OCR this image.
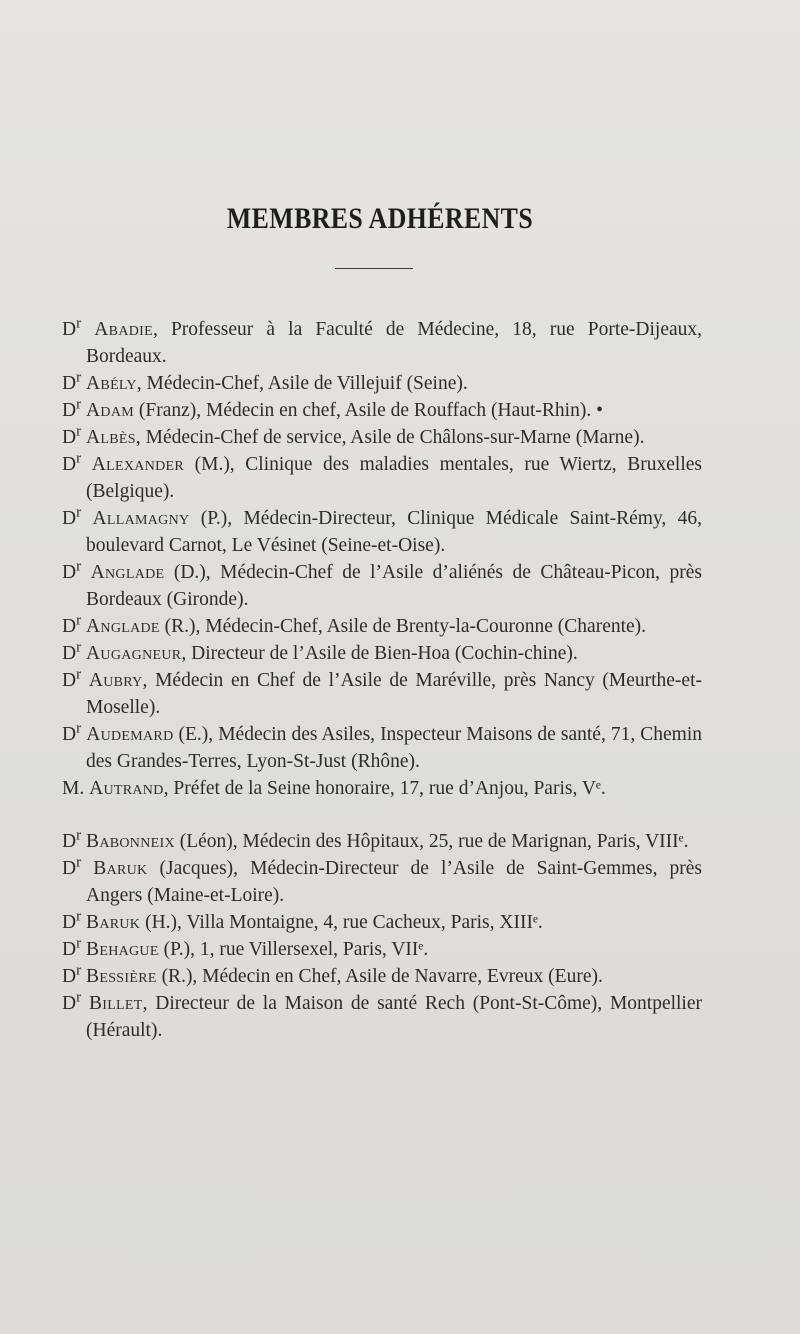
MEMBRES ADHÉRENTS

$D^r$ Abadie, Professeur à la Faculté de Médecine, 18, rue Porte-Dijeaux, Bordeaux.

$D^r$ Abély, Médecin-Chef, Asile de Villejuif (Seine).

$D^r$ Adam (Franz), Médecin en chef, Asile de Rouffach (Haut-Rhin). •

$D^r$ Albès, Médecin-Chef de service, Asile de Châlons-sur-Marne (Marne).

$D^r$ Alexander (M.), Clinique des maladies mentales, rue Wiertz, Bruxelles (Belgique).

$D^r$ Allamagny (P.), Médecin-Directeur, Clinique Médicale Saint-Rémy, 46, boulevard Carnot, Le Vésinet (Seine-et-Oise).

$D^r$ Anglade (D.), Médecin-Chef de l’Asile d’aliénés de Château-Picon, près Bordeaux (Gironde).

$D^r$ Anglade (R.), Médecin-Chef, Asile de Brenty-la-Couronne (Charente).

$D^r$ Augagneur, Directeur de l’Asile de Bien-Hoa (Cochin-chine).

$D^r$ Aubry, Médecin en Chef de l’Asile de Maréville, près Nancy (Meurthe-et-Moselle).

$D^r$ Audemard (E.), Médecin des Asiles, Inspecteur Maisons de santé, 71, Chemin des Grandes-Terres, Lyon-St-Just (Rhône).

M. Autrand, Préfet de la Seine honoraire, 17, rue d’Anjou, Paris, Vᵉ.

$D^r$ Babonneix (Léon), Médecin des Hôpitaux, 25, rue de Marignan, Paris, VIIIᵉ.

$D^r$ Baruk (Jacques), Médecin-Directeur de l’Asile de Saint-Gemmes, près Angers (Maine-et-Loire).

$D^r$ Baruk (H.), Villa Montaigne, 4, rue Cacheux, Paris, XIIIᵉ.

$D^r$ Behague (P.), 1, rue Villersexel, Paris, VIIᵉ.

$D^r$ Bessière (R.), Médecin en Chef, Asile de Navarre, Evreux (Eure).

$D^r$ Billet, Directeur de la Maison de santé Rech (Pont-St-Côme), Montpellier (Hérault).
